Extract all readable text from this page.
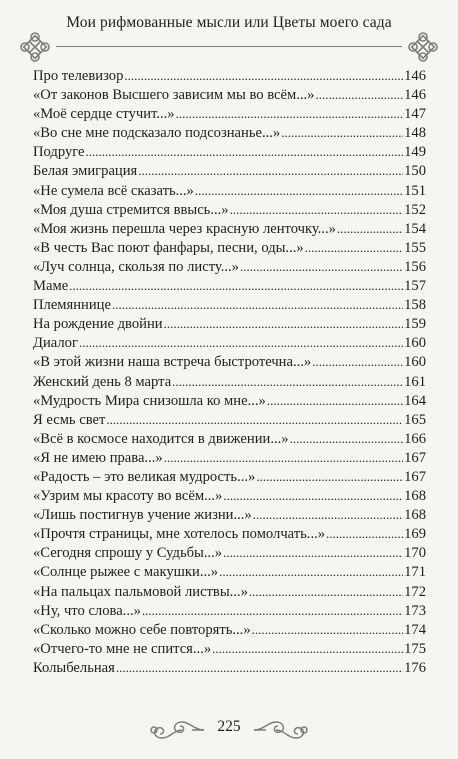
Мои рифмованные мысли или Цветы моего сада
Про телевизор .....	146
«От законов Высшего зависим мы во всём...» .....	146
«Моё сердце стучит...» .....	147
«Во сне мне подсказало подсознанье...» .....	148
Подруге .....	149
Белая эмиграция .....	150
«Не сумела всё сказать...» .....	151
«Моя душа стремится ввысь...» .....	152
«Моя жизнь перешла через красную ленточку...» .....	154
«В честь Вас поют фанфары, песни, оды...» .....	155
«Луч солнца, скользя по листу...» .....	156
Маме .....	157
Племяннице .....	158
На рождение двойни .....	159
Диалог .....	160
«В этой жизни наша встреча быстротечна...» .....	160
Женский день 8 марта .....	161
«Мудрость Мира снизошла ко мне...» .....	164
Я есмь свет .....	165
«Всё в космосе находится в движении...» .....	166
«Я не имею права...» .....	167
«Радость – это великая мудрость...» .....	167
«Узрим мы красоту во всём...» .....	168
«Лишь постигнув учение жизни...» .....	168
«Прочтя страницы, мне хотелось помолчать...» .....	169
«Сегодня спрошу у Судьбы...» .....	170
«Солнце рыжее с макушки...» .....	171
«На пальцах пальмовой листвы...» .....	172
«Ну, что слова...» .....	173
«Сколько можно себе повторять...» .....	174
«Отчего-то мне не спится...» .....	175
Колыбельная .....	176
225
